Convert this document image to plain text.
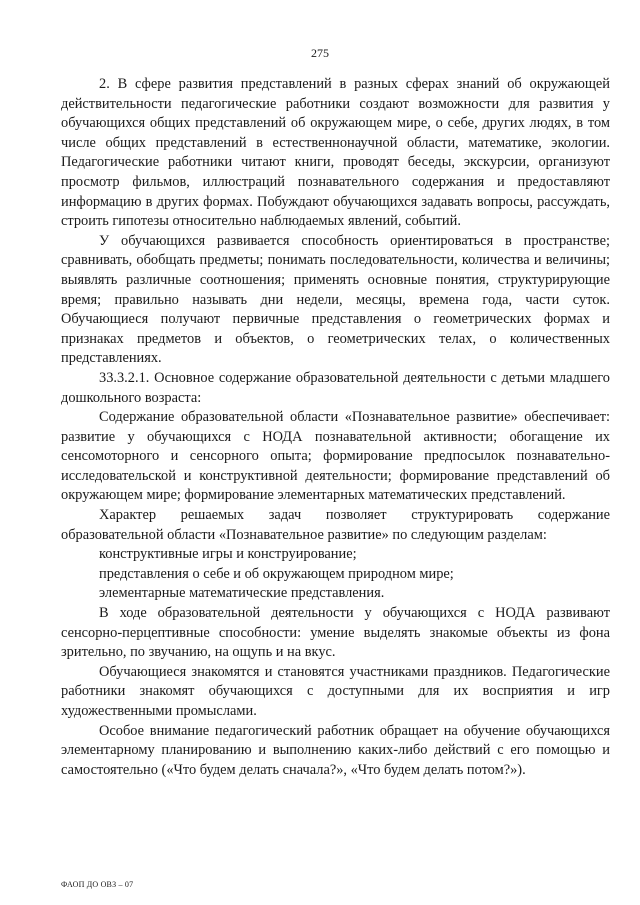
275

2. В сфере развития представлений в разных сферах знаний об окружающей действительности педагогические работники создают возможности для развития у обучающихся общих представлений об окружающем мире, о себе, других людях, в том числе общих представлений в естественнонаучной области, математике, экологии. Педагогические работники читают книги, проводят беседы, экскурсии, организуют просмотр фильмов, иллюстраций познавательного содержания и предоставляют информацию в других формах. Побуждают обучающихся задавать вопросы, рассуждать, строить гипотезы относительно наблюдаемых явлений, событий.

У обучающихся развивается способность ориентироваться в пространстве; сравнивать, обобщать предметы; понимать последовательности, количества и величины; выявлять различные соотношения; применять основные понятия, структурирующие время; правильно называть дни недели, месяцы, времена года, части суток. Обучающиеся получают первичные представления о геометрических формах и признаках предметов и объектов, о геометрических телах, о количественных представлениях.

33.3.2.1. Основное содержание образовательной деятельности с детьми младшего дошкольного возраста:

Содержание образовательной области «Познавательное развитие» обеспечивает: развитие у обучающихся с НОДА познавательной активности; обогащение их сенсомоторного и сенсорного опыта; формирование предпосылок познавательно-исследовательской и конструктивной деятельности; формирование представлений об окружающем мире; формирование элементарных математических представлений.

Характер решаемых задач позволяет структурировать содержание образовательной области «Познавательное развитие» по следующим разделам:

конструктивные игры и конструирование;

представления о себе и об окружающем природном мире;

элементарные математические представления.

В ходе образовательной деятельности у обучающихся с НОДА развивают сенсорно-перцептивные способности: умение выделять знакомые объекты из фона зрительно, по звучанию, на ощупь и на вкус.

Обучающиеся знакомятся и становятся участниками праздников. Педагогические работники знакомят обучающихся с доступными для их восприятия и игр художественными промыслами.

Особое внимание педагогический работник обращает на обучение обучающихся элементарному планированию и выполнению каких-либо действий с его помощью и самостоятельно («Что будем делать сначала?», «Что будем делать потом?»).

ФАОП ДО ОВЗ – 07
